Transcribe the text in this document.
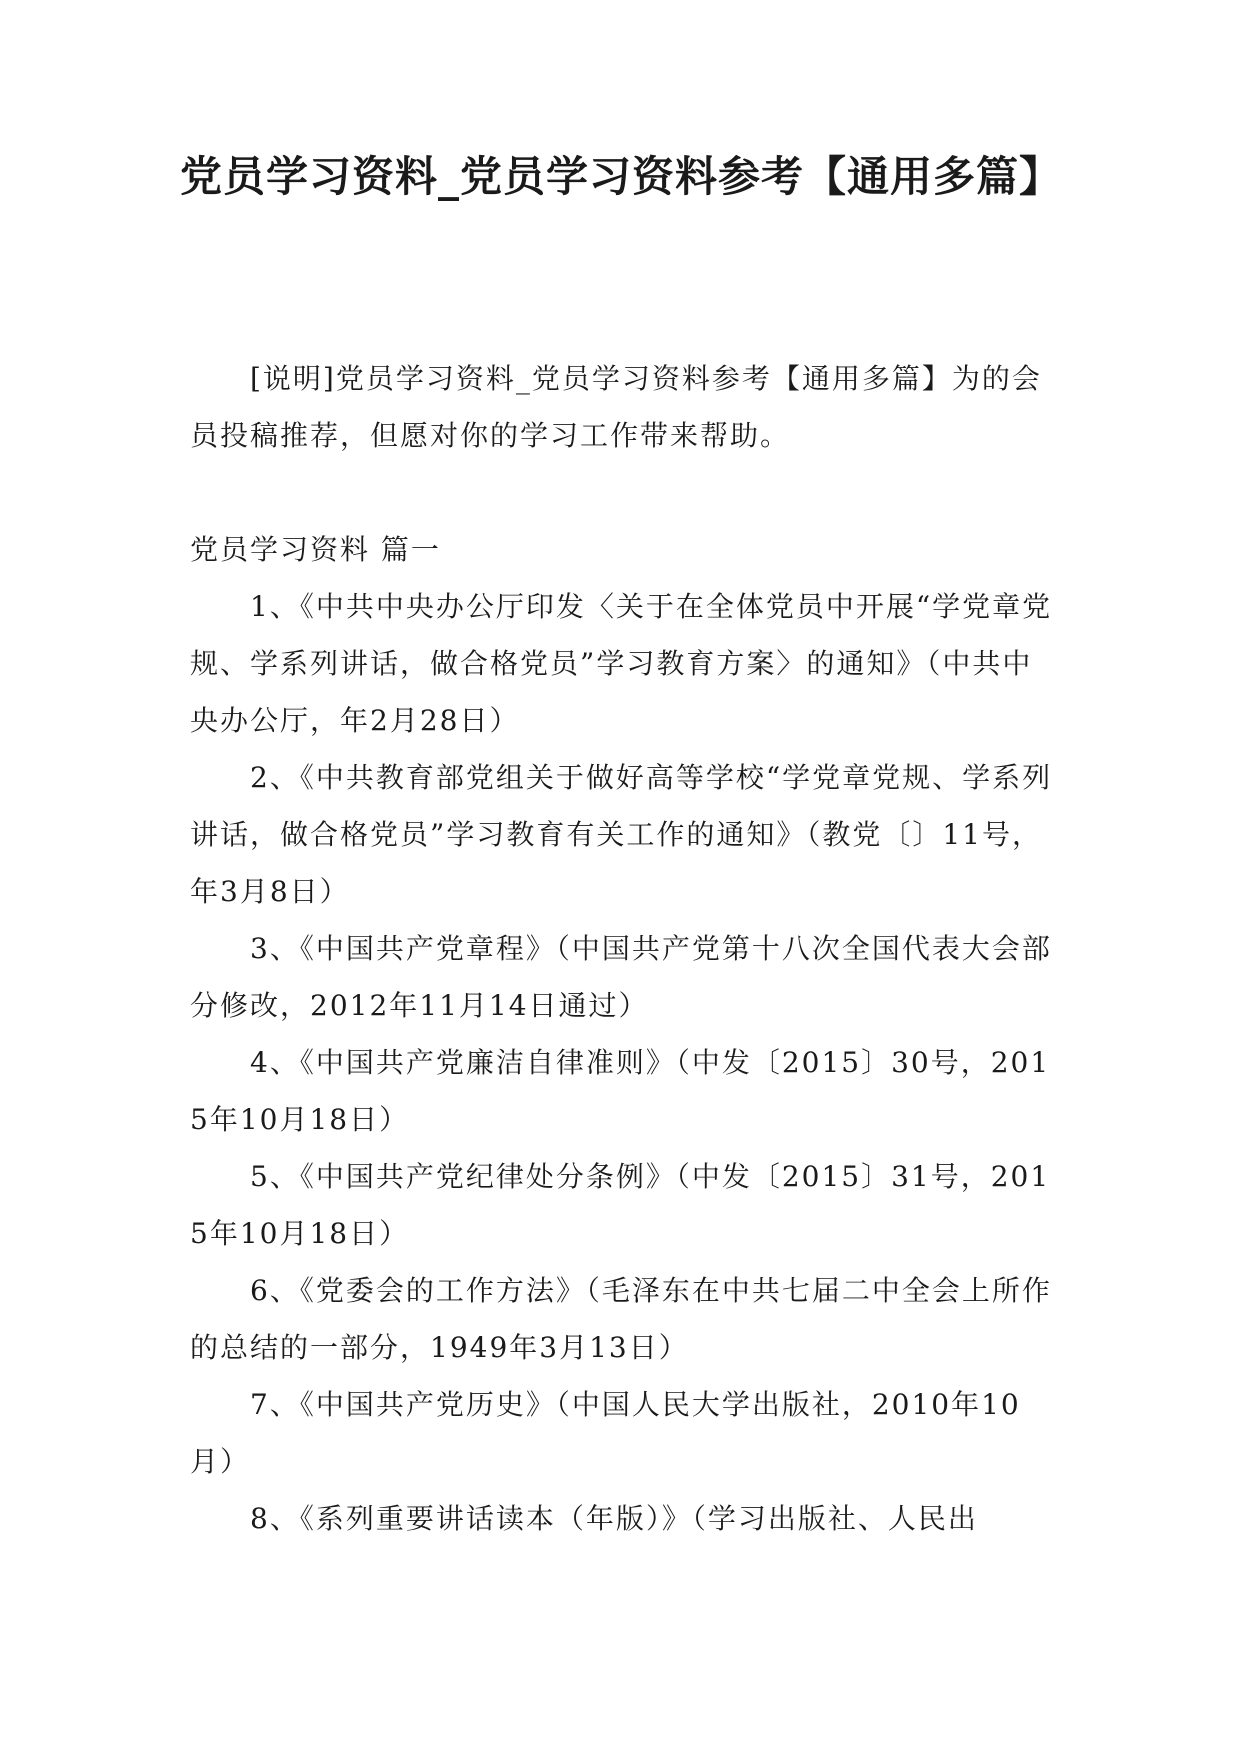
党员学习资料_党员学习资料参考【通用多篇】

[说明]党员学习资料_党员学习资料参考【通用多篇】为的会员投稿推荐，但愿对你的学习工作带来帮助。

党员学习资料 篇一

1、《中共中央办公厅印发〈关于在全体党员中开展“学党章党规、学系列讲话，做合格党员”学习教育方案〉的通知》（中共中央办公厅，年2月28日）

2、《中共教育部党组关于做好高等学校“学党章党规、学系列讲话，做合格党员”学习教育有关工作的通知》（教党〔〕11号，年3月8日）

3、《中国共产党章程》（中国共产党第十八次全国代表大会部分修改，2012年11月14日通过）

4、《中国共产党廉洁自律准则》（中发〔2015〕30号，2015年10月18日）

5、《中国共产党纪律处分条例》（中发〔2015〕31号，2015年10月18日）

6、《党委会的工作方法》（毛泽东在中共七届二中全会上所作的总结的一部分，1949年3月13日）

7、《中国共产党历史》（中国人民大学出版社，2010年10月）

8、《系列重要讲话读本（年版）》（学习出版社、人民出
